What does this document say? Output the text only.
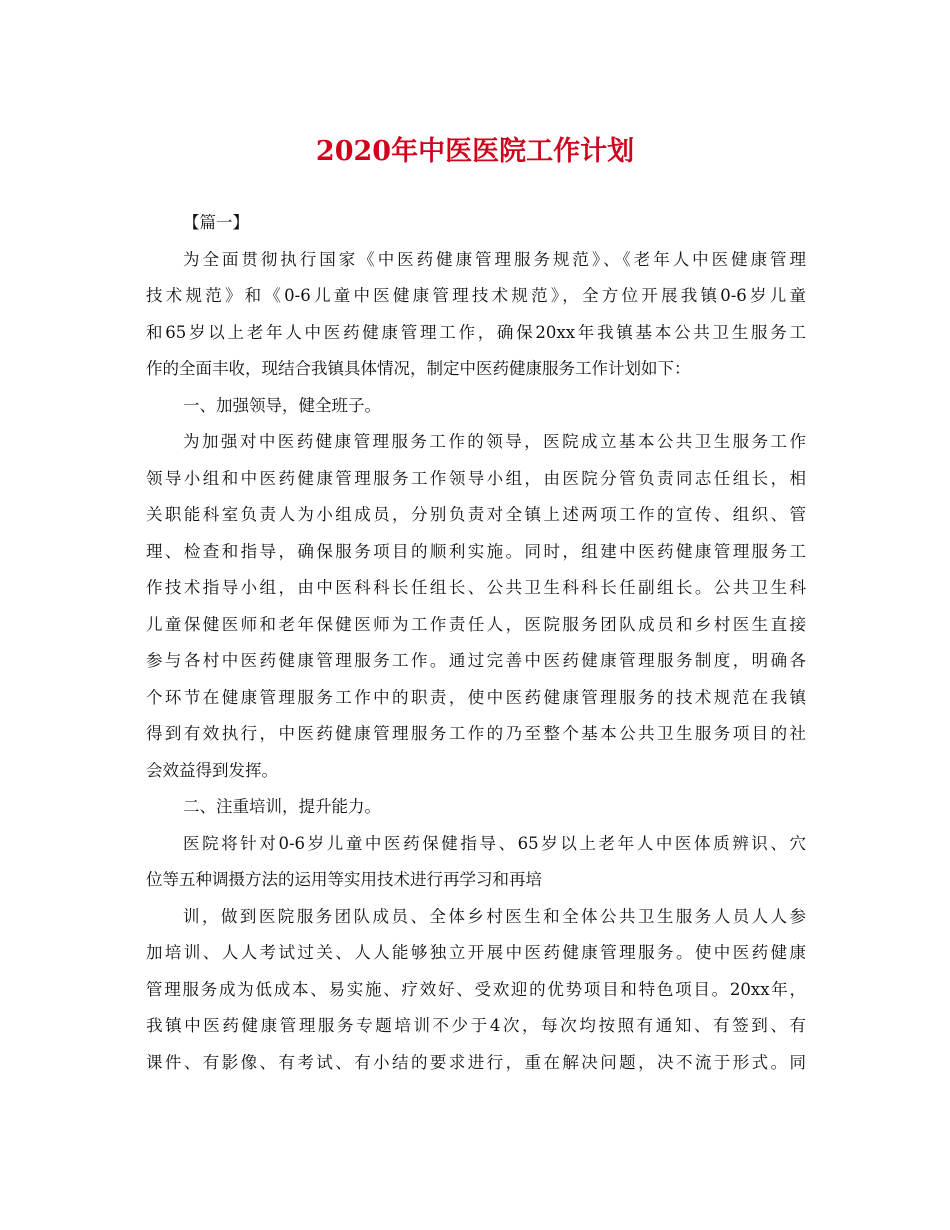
2020年中医医院工作计划
【篇一】
为全面贯彻执行国家《中医药健康管理服务规范》、《老年人中医健康管理
技术规范》和《0-6儿童中医健康管理技术规范》，全方位开展我镇0-6岁儿童
和65岁以上老年人中医药健康管理工作，确保20xx年我镇基本公共卫生服务工
作的全面丰收，现结合我镇具体情况，制定中医药健康服务工作计划如下：
一、加强领导，健全班子。
为加强对中医药健康管理服务工作的领导，医院成立基本公共卫生服务工作
领导小组和中医药健康管理服务工作领导小组，由医院分管负责同志任组长，相
关职能科室负责人为小组成员，分别负责对全镇上述两项工作的宣传、组织、管
理、检查和指导，确保服务项目的顺利实施。同时，组建中医药健康管理服务工
作技术指导小组，由中医科科长任组长、公共卫生科科长任副组长。公共卫生科
儿童保健医师和老年保健医师为工作责任人，医院服务团队成员和乡村医生直接
参与各村中医药健康管理服务工作。通过完善中医药健康管理服务制度，明确各
个环节在健康管理服务工作中的职责，使中医药健康管理服务的技术规范在我镇
得到有效执行，中医药健康管理服务工作的乃至整个基本公共卫生服务项目的社
会效益得到发挥。
二、注重培训，提升能力。
医院将针对0-6岁儿童中医药保健指导、65岁以上老年人中医体质辨识、穴
位等五种调摄方法的运用等实用技术进行再学习和再培
训，做到医院服务团队成员、全体乡村医生和全体公共卫生服务人员人人参
加培训、人人考试过关、人人能够独立开展中医药健康管理服务。使中医药健康
管理服务成为低成本、易实施、疗效好、受欢迎的优势项目和特色项目。20xx年，
我镇中医药健康管理服务专题培训不少于4次，每次均按照有通知、有签到、有
课件、有影像、有考试、有小结的要求进行，重在解决问题，决不流于形式。同
